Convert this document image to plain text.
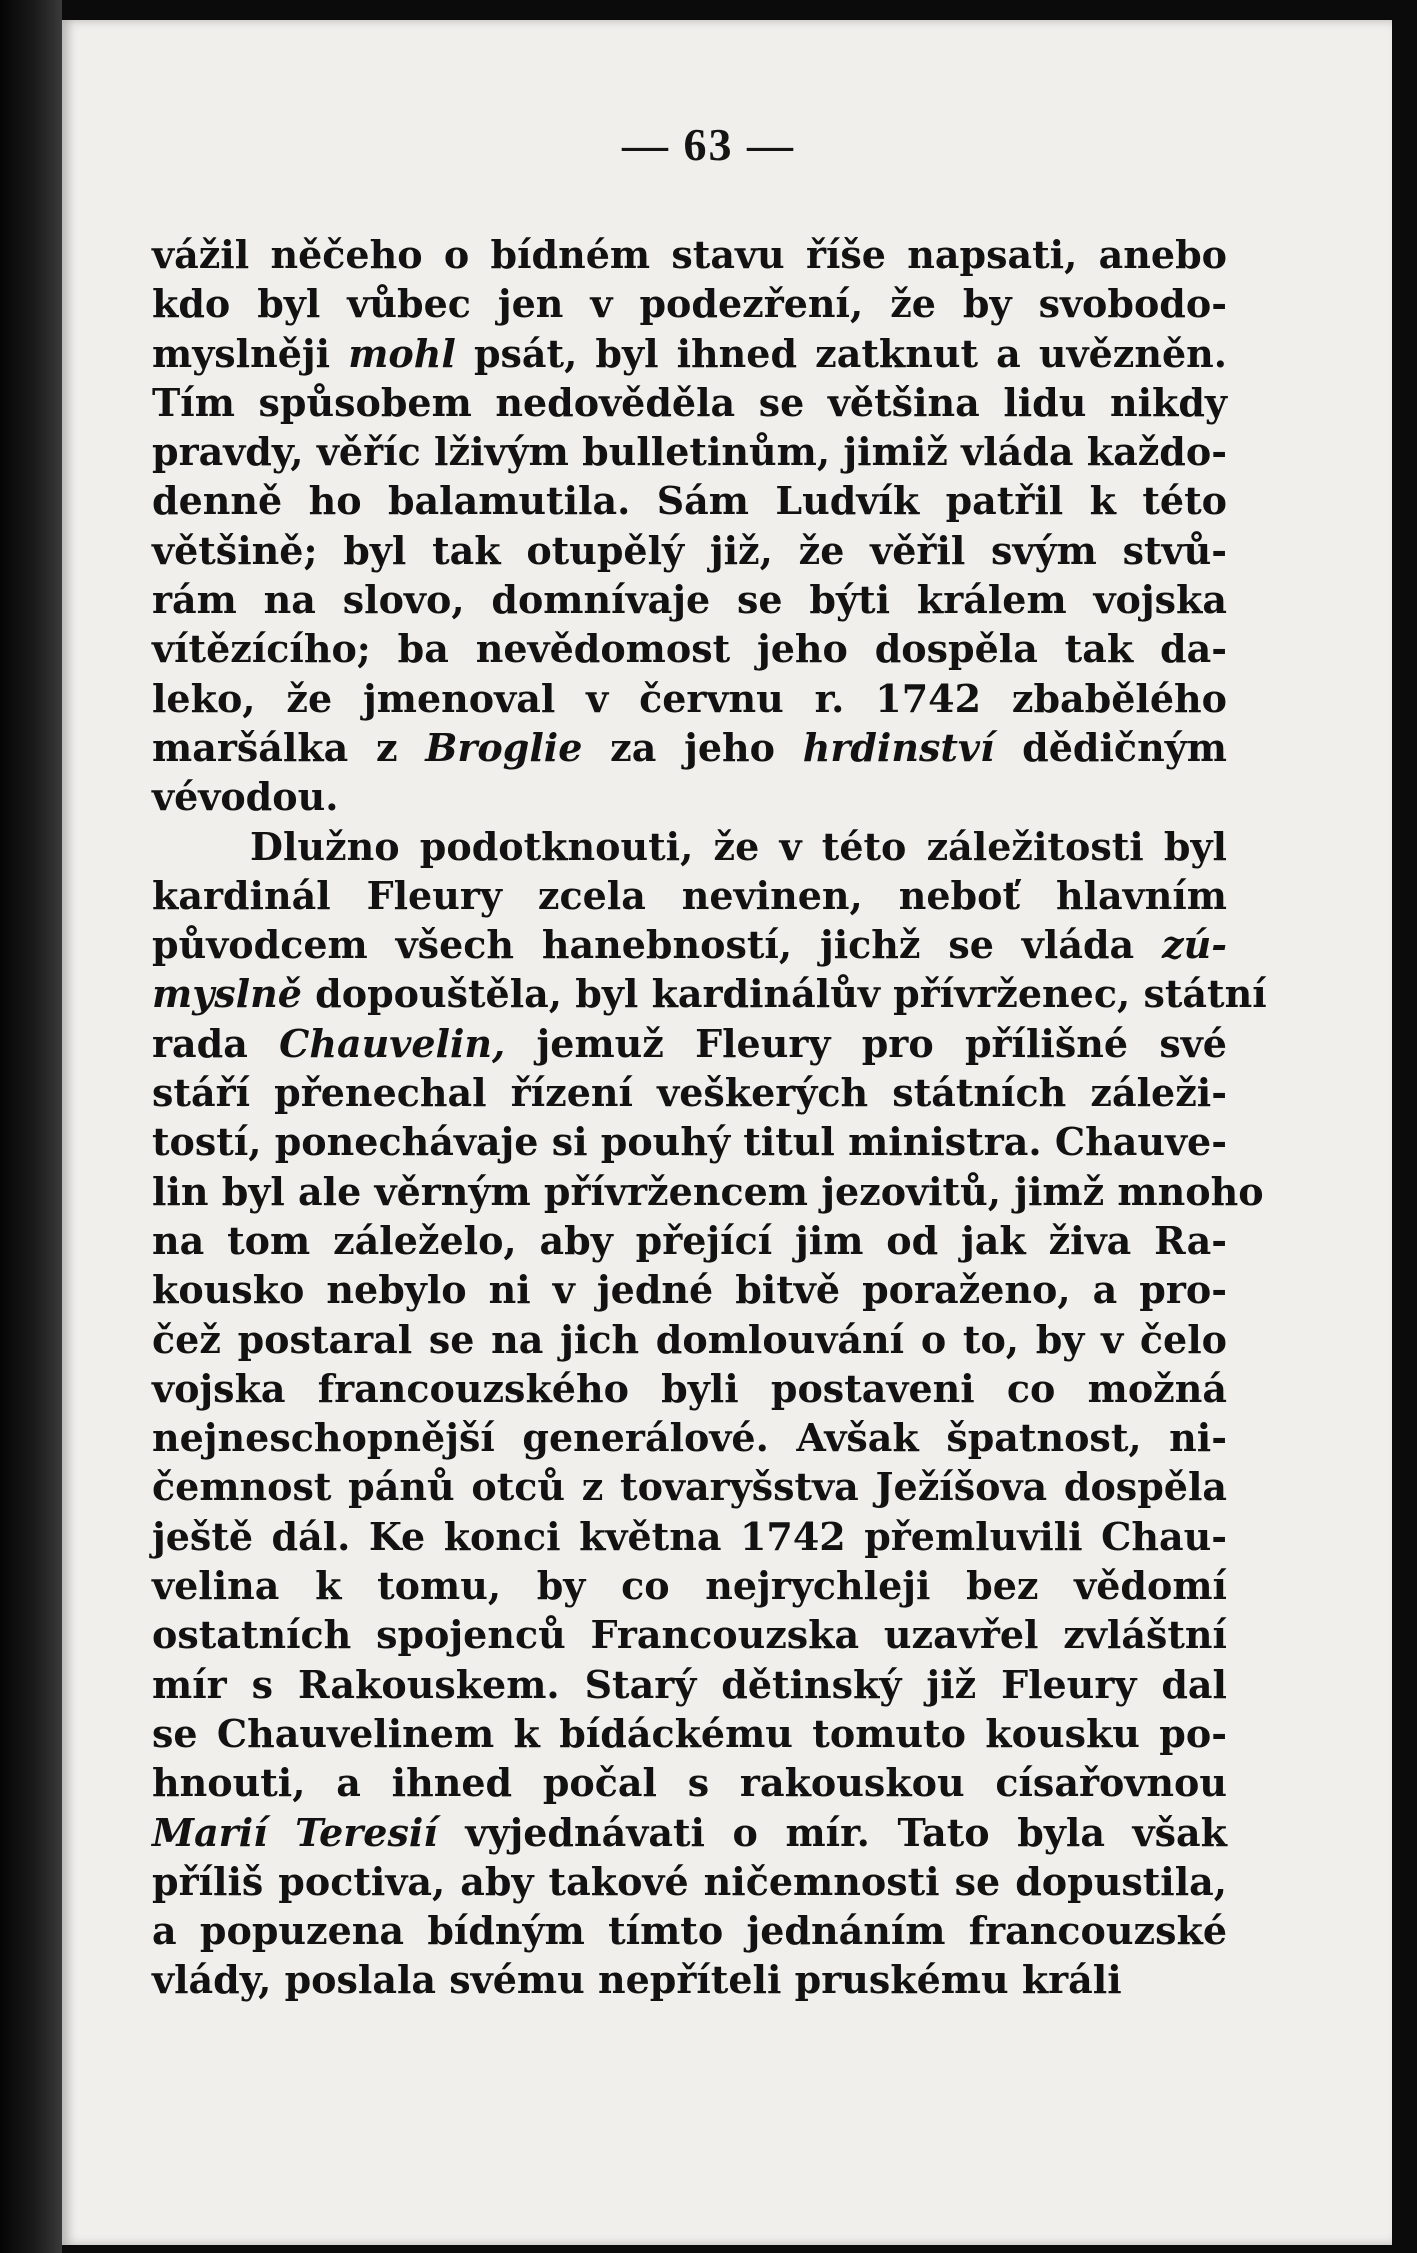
— 63 —
vážil něčeho o bídném stavu říše napsati, anebo
kdo byl vůbec jen v podezření, že by svobodo-
myslněji mohl psát, byl ihned zatknut a uvězněn.
Tím spůsobem nedověděla se většina lidu nikdy
pravdy, věříc lživým bulletinům, jimiž vláda každo-
denně ho balamutila. Sám Ludvík patřil k této
většině; byl tak otupělý již, že věřil svým stvů-
rám na slovo, domnívaje se býti králem vojska
vítězícího; ba nevědomost jeho dospěla tak da-
leko, že jmenoval v červnu r. 1742 zbabělého
maršálka z Broglie za jeho hrdinství dědičným
vévodou.
Dlužno podotknouti, že v této záležitosti byl
kardinál Fleury zcela nevinen, neboť hlavním
původcem všech hanebností, jichž se vláda zú-
myslně dopouštěla, byl kardinálův přívrženec, státní
rada Chauvelin, jemuž Fleury pro přílišné své
stáří přenechal řízení veškerých státních záleži-
tostí, ponechávaje si pouhý titul ministra. Chauve-
lin byl ale věrným přívržencem jezovitů, jimž mnoho
na tom záleželo, aby přející jim od jak živa Ra-
kousko nebylo ni v jedné bitvě poraženo, a pro-
čež postaral se na jich domlouvání o to, by v čelo
vojska francouzského byli postaveni co možná
nejneschopnější generálové. Avšak špatnost, ni-
čemnost pánů otců z tovaryšstva Ježíšova dospěla
ještě dál. Ke konci května 1742 přemluvili Chau-
velina k tomu, by co nejrychleji bez vědomí
ostatních spojenců Francouzska uzavřel zvláštní
mír s Rakouskem. Starý dětinský již Fleury dal
se Chauvelinem k bídáckému tomuto kousku po-
hnouti, a ihned počal s rakouskou císařovnou
Marií Teresií vyjednávati o mír. Tato byla však
příliš poctiva, aby takové ničemnosti se dopustila,
a popuzena bídným tímto jednáním francouzské
vlády, poslala svému nepříteli pruskému králi
